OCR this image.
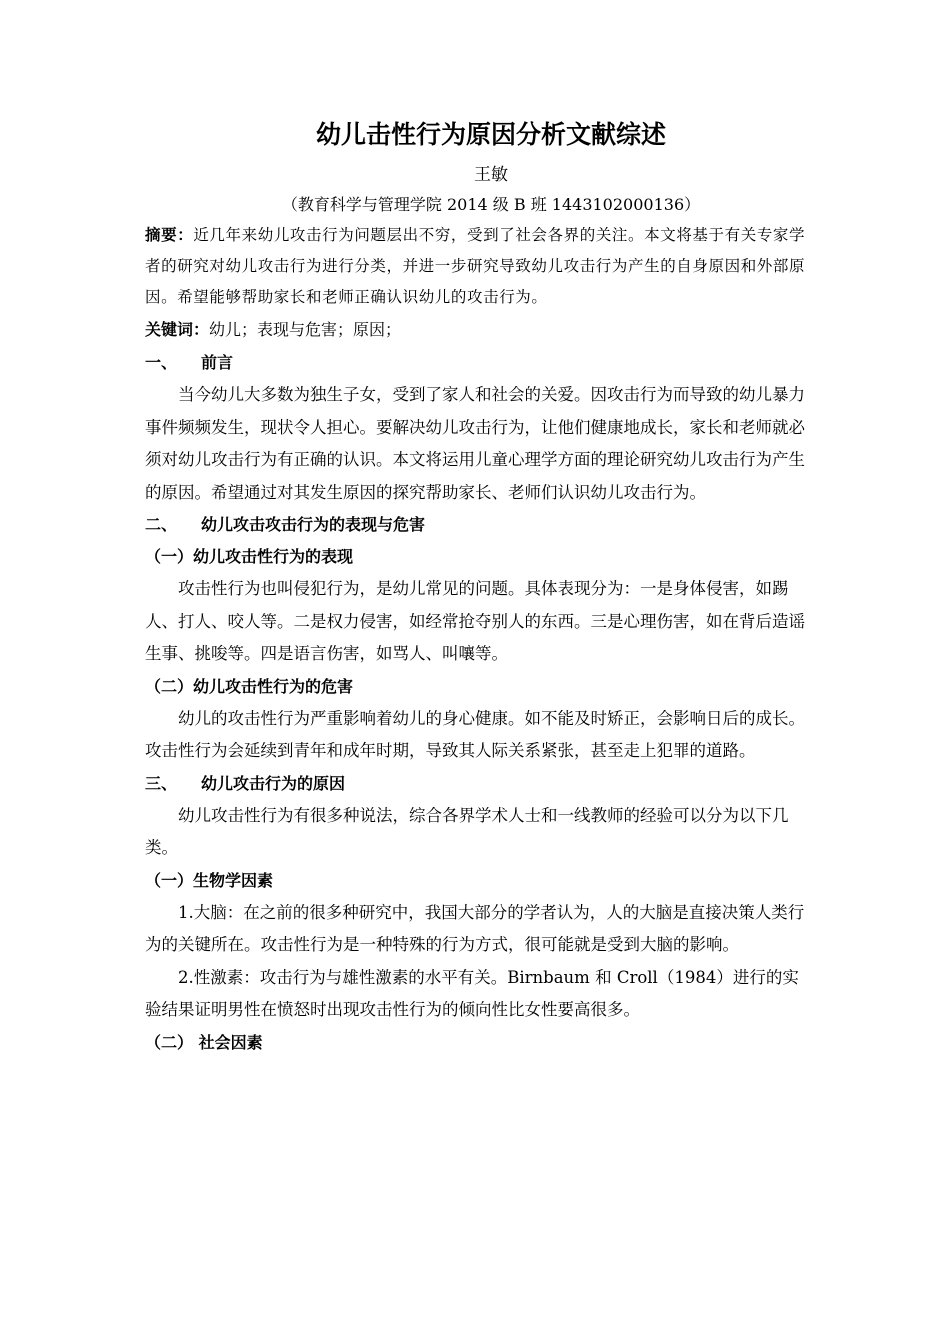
幼儿击性行为原因分析文献综述
王敏
（教育科学与管理学院 2014 级 B 班 1443102000136）

摘要：近几年来幼儿攻击行为问题层出不穷，受到了社会各界的关注。本文将基于有关专家学者的研究对幼儿攻击行为进行分类，并进一步研究导致幼儿攻击行为产生的自身原因和外部原因。希望能够帮助家长和老师正确认识幼儿的攻击行为。

关键词：幼儿；表现与危害；原因；

一、 前言

当今幼儿大多数为独生子女，受到了家人和社会的关爱。因攻击行为而导致的幼儿暴力事件频频发生，现状令人担心。要解决幼儿攻击行为，让他们健康地成长，家长和老师就必须对幼儿攻击行为有正确的认识。本文将运用儿童心理学方面的理论研究幼儿攻击行为产生的原因。希望通过对其发生原因的探究帮助家长、老师们认识幼儿攻击行为。

二、 幼儿攻击攻击行为的表现与危害

（一）幼儿攻击性行为的表现

攻击性行为也叫侵犯行为，是幼儿常见的问题。具体表现分为：一是身体侵害，如踢人、打人、咬人等。二是权力侵害，如经常抢夺别人的东西。三是心理伤害，如在背后造谣生事、挑唆等。四是语言伤害，如骂人、叫嚷等。

（二）幼儿攻击性行为的危害

幼儿的攻击性行为严重影响着幼儿的身心健康。如不能及时矫正，会影响日后的成长。攻击性行为会延续到青年和成年时期，导致其人际关系紧张，甚至走上犯罪的道路。

三、 幼儿攻击行为的原因

幼儿攻击性行为有很多种说法，综合各界学术人士和一线教师的经验可以分为以下几类。

（一）生物学因素

1.大脑：在之前的很多种研究中，我国大部分的学者认为，人的大脑是直接决策人类行为的关键所在。攻击性行为是一种特殊的行为方式，很可能就是受到大脑的影响。

2.性激素：攻击行为与雄性激素的水平有关。Birnbaum 和 Croll（1984）进行的实验结果证明男性在愤怒时出现攻击性行为的倾向性比女性要高很多。

（二） 社会因素
